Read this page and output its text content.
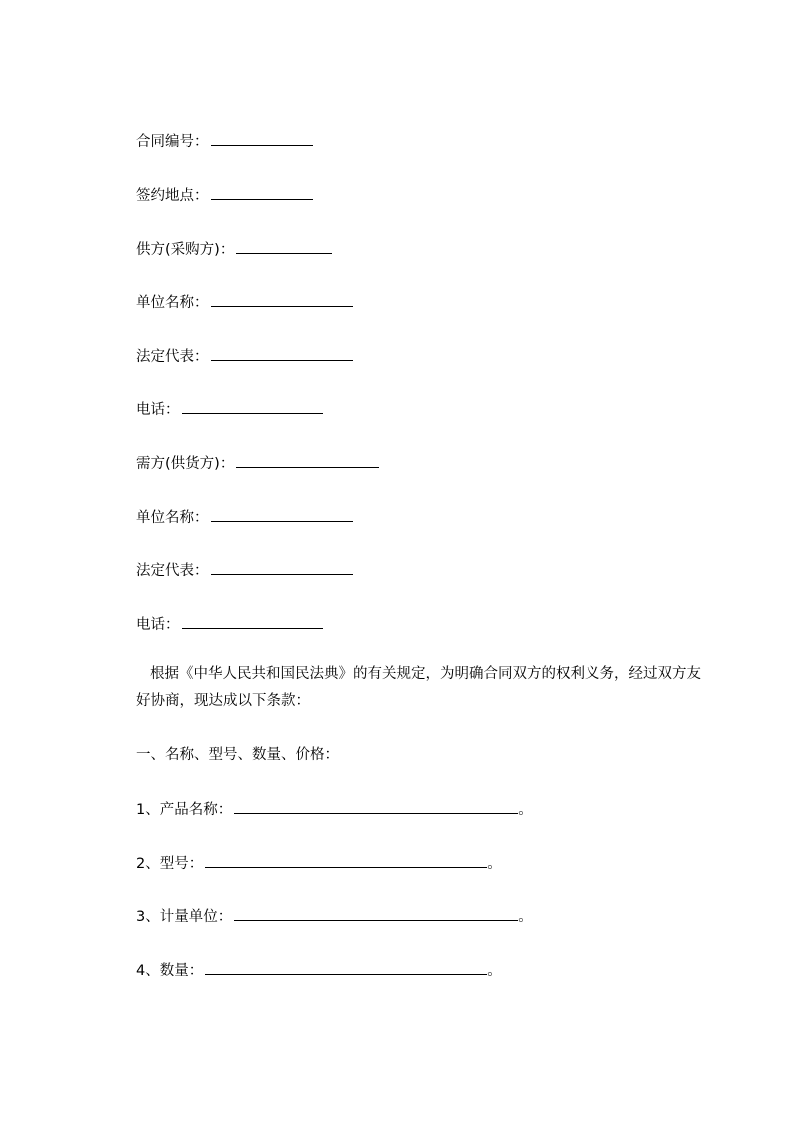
合同编号：
签约地点：
供方(采购方)：
单位名称：
法定代表：
电话：
需方(供货方)：
单位名称：
法定代表：
电话：
根据《中华人民共和国民法典》的有关规定，为明确合同双方的权利义务，经过双方友好协商，现达成以下条款：
一、名称、型号、数量、价格：
1、产品名称：	。
2、型号：	。
3、计量单位：	。
4、数量：	。
